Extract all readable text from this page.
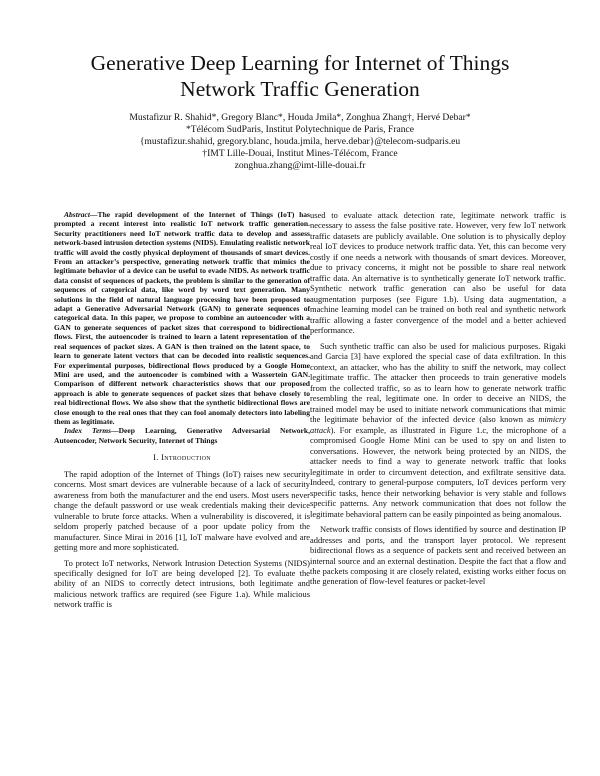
Generative Deep Learning for Internet of Things
Network Traffic Generation
Mustafizur R. Shahid*, Gregory Blanc*, Houda Jmila*, Zonghua Zhang†, Hervé Debar*
*Télécom SudParis, Institut Polytechnique de Paris, France
{mustafizur.shahid, gregory.blanc, houda.jmila, herve.debar}@telecom-sudparis.eu
†IMT Lille-Douai, Institut Mines-Télécom, France
zonghua.zhang@imt-lille-douai.fr

Abstract—The rapid development of the Internet of Things (IoT) has prompted a recent interest into realistic IoT network traffic generation. Security practitioners need IoT network traffic data to develop and assess network-based intrusion detection systems (NIDS). Emulating realistic network traffic will avoid the costly physical deployment of thousands of smart devices. From an attacker’s perspective, generating network traffic that mimics the legitimate behavior of a device can be useful to evade NIDS. As network traffic data consist of sequences of packets, the problem is similar to the generation of sequences of categorical data, like word by word text generation. Many solutions in the field of natural language processing have been proposed to adapt a Generative Adversarial Network (GAN) to generate sequences of categorical data. In this paper, we propose to combine an autoencoder with a GAN to generate sequences of packet sizes that correspond to bidirectional flows. First, the autoencoder is trained to learn a latent representation of the real sequences of packet sizes. A GAN is then trained on the latent space, to learn to generate latent vectors that can be decoded into realistic sequences. For experimental purposes, bidirectional flows produced by a Google Home Mini are used, and the autoencoder is combined with a Wassertein GAN. Comparison of different network characteristics shows that our proposed approach is able to generate sequences of packet sizes that behave closely to real bidirectional flows. We also show that the synthetic bidirectional flows are close enough to the real ones that they can fool anomaly detectors into labeling them as legitimate.

Index Terms—Deep Learning, Generative Adversarial Network, Autoencoder, Network Security, Internet of Things

I. Introduction

The rapid adoption of the Internet of Things (IoT) raises new security concerns. Most smart devices are vulnerable because of a lack of security awareness from both the manufacturer and the end users. Most users never change the default password or use weak credentials making their device vulnerable to brute force attacks. When a vulnerability is discovered, it is seldom properly patched because of a poor update policy from the manufacturer. Since Mirai in 2016 [1], IoT malware have evolved and are getting more and more sophisticated.

To protect IoT networks, Network Intrusion Detection Systems (NIDS) specifically designed for IoT are being developed [2]. To evaluate the ability of an NIDS to correctly detect intrusions, both legitimate and malicious network traffics are required (see Figure 1.a). While malicious network traffic is

used to evaluate attack detection rate, legitimate network traffic is necessary to assess the false positive rate. However, very few IoT network traffic datasets are publicly available. One solution is to physically deploy real IoT devices to produce network traffic data. Yet, this can become very costly if one needs a network with thousands of smart devices. Moreover, due to privacy concerns, it might not be possible to share real network traffic data. An alternative is to synthetically generate IoT network traffic. Synthetic network traffic generation can also be useful for data augmentation purposes (see Figure 1.b). Using data augmentation, a machine learning model can be trained on both real and synthetic network traffic allowing a faster convergence of the model and a better achieved performance.

Such synthetic traffic can also be used for malicious purposes. Rigaki and Garcia [3] have explored the special case of data exfiltration. In this context, an attacker, who has the ability to sniff the network, may collect legitimate traffic. The attacker then proceeds to train generative models from the collected traffic, so as to learn how to generate network traffic resembling the real, legitimate one. In order to deceive an NIDS, the trained model may be used to initiate network communications that mimic the legitimate behavior of the infected device (also known as mimicry attack). For example, as illustrated in Figure 1.c, the microphone of a compromised Google Home Mini can be used to spy on and listen to conversations. However, the network being protected by an NIDS, the attacker needs to find a way to generate network traffic that looks legitimate in order to circumvent detection, and exfiltrate sensitive data. Indeed, contrary to general-purpose computers, IoT devices perform very specific tasks, hence their networking behavior is very stable and follows specific patterns. Any network communication that does not follow the legitimate behavioral pattern can be easily pinpointed as being anomalous.

Network traffic consists of flows identified by source and destination IP addresses and ports, and the transport layer protocol. We represent bidirectional flows as a sequence of packets sent and received between an internal source and an external destination. Despite the fact that a flow and the packets composing it are closely related, existing works either focus on the generation of flow-level features or packet-level
